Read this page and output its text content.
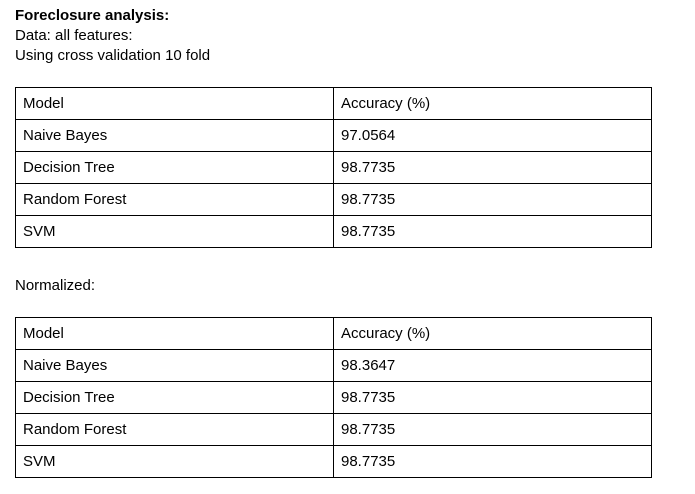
Foreclosure analysis:
Data: all features:
Using cross validation 10 fold
Model	Accuracy (%)
Naive Bayes	97.0564
Decision Tree	98.7735
Random Forest	98.7735
SVM	98.7735
Normalized:
Model	Accuracy (%)
Naive Bayes	98.3647
Decision Tree	98.7735
Random Forest	98.7735
SVM	98.7735
